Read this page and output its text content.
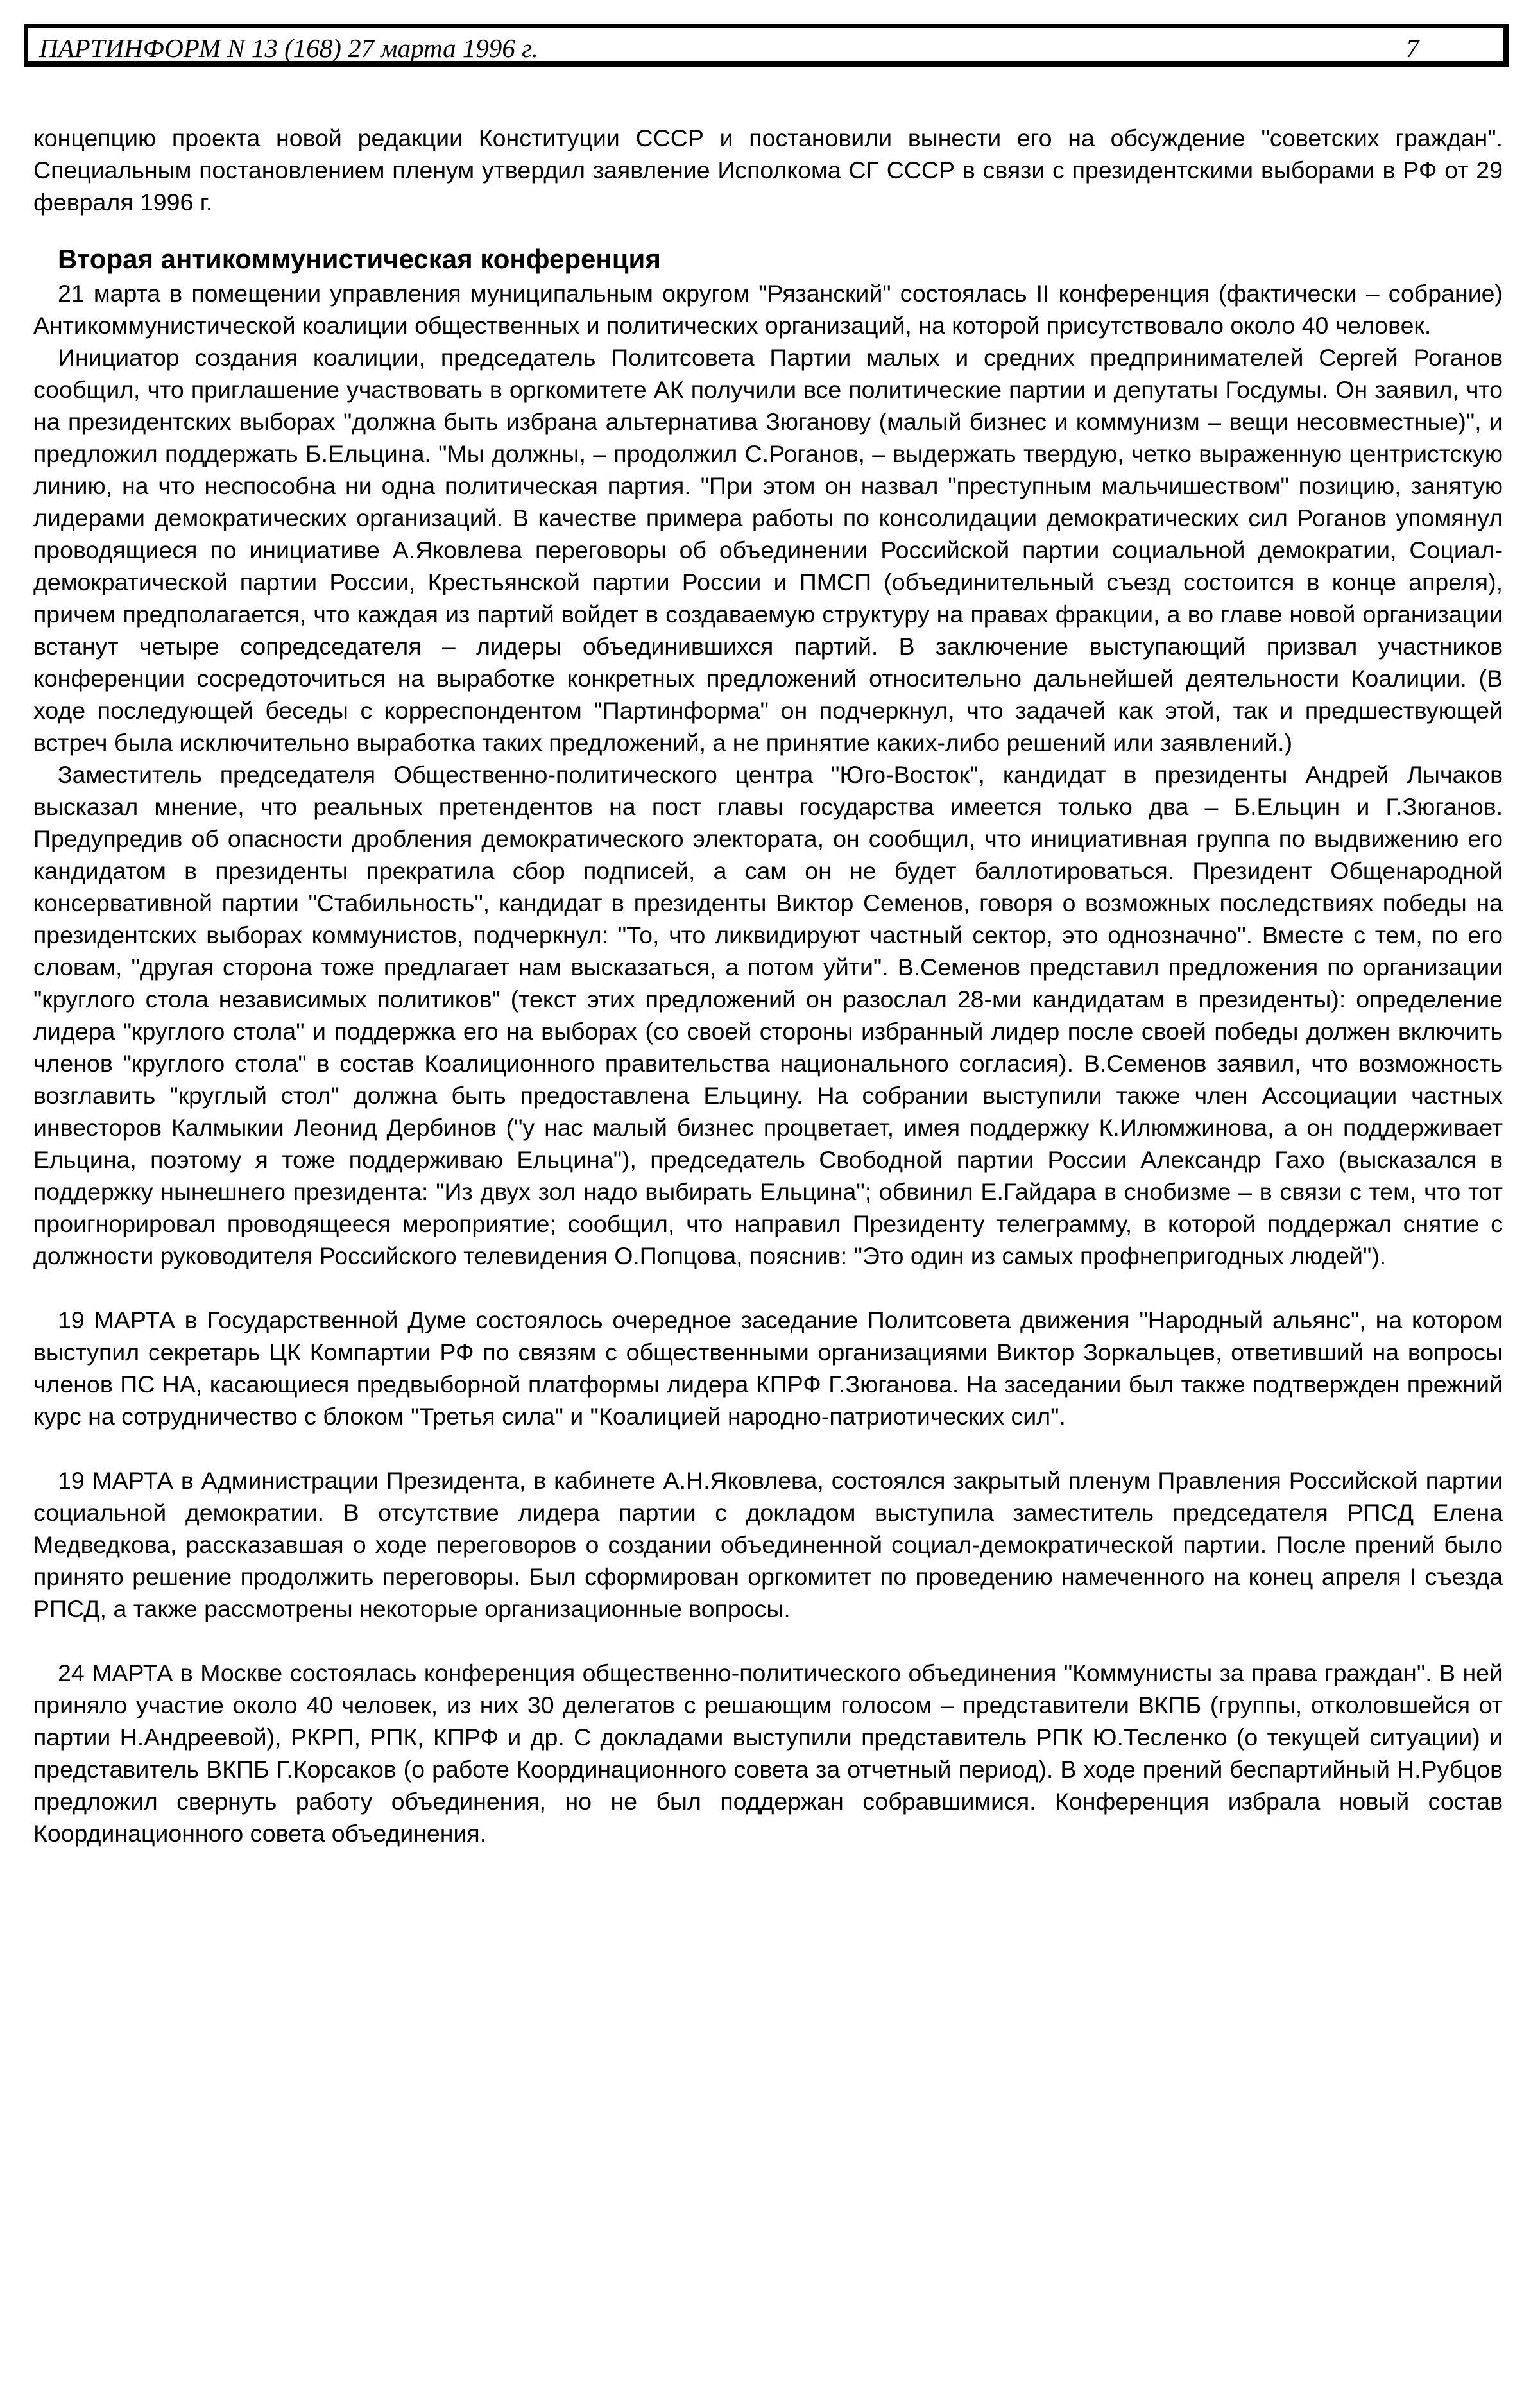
ПАРТИНФОРМ N 13 (168) 27 марта 1996 г.	7

концепцию проекта новой редакции Конституции СССР и постановили вынести его на обсуждение "советских граждан". Специальным постановлением пленум утвердил заявление Исполкома СГ СССР в связи с президентскими выборами в РФ от 29 февраля 1996 г.

Вторая антикоммунистическая конференция

21 марта в помещении управления муниципальным округом "Рязанский" состоялась II конференция (фактически – собрание) Антикоммунистической коалиции общественных и политических организаций, на которой присутствовало около 40 человек.

Инициатор создания коалиции, председатель Политсовета Партии малых и средних предпринимателей Сергей Роганов сообщил, что приглашение участвовать в оргкомитете АК получили все политические партии и депутаты Госдумы. Он заявил, что на президентских выборах "должна быть избрана альтернатива Зюганову (малый бизнес и коммунизм – вещи несовместные)", и предложил поддержать Б.Ельцина. "Мы должны, – продолжил С.Роганов, – выдержать твердую, четко выраженную центристскую линию, на что неспособна ни одна политическая партия. "При этом он назвал "преступным мальчишеством" позицию, занятую лидерами демократических организаций. В качестве примера работы по консолидации демократических сил Роганов упомянул проводящиеся по инициативе А.Яковлева переговоры об объединении Российской партии социальной демократии, Социал-демократической партии России, Крестьянской партии России и ПМСП (объединительный съезд состоится в конце апреля), причем предполагается, что каждая из партий войдет в создаваемую структуру на правах фракции, а во главе новой организации встанут четыре сопредседателя – лидеры объединившихся партий. В заключение выступающий призвал участников конференции сосредоточиться на выработке конкретных предложений относительно дальнейшей деятельности Коалиции. (В ходе последующей беседы с корреспондентом "Партинформа" он подчеркнул, что задачей как этой, так и предшествующей встреч была исключительно выработка таких предложений, а не принятие каких-либо решений или заявлений.)

Заместитель председателя Общественно-политического центра "Юго-Восток", кандидат в президенты Андрей Лычаков высказал мнение, что реальных претендентов на пост главы государства имеется только два – Б.Ельцин и Г.Зюганов. Предупредив об опасности дробления демократического электората, он сообщил, что инициативная группа по выдвижению его кандидатом в президенты прекратила сбор подписей, а сам он не будет баллотироваться. Президент Общенародной консервативной партии "Стабильность", кандидат в президенты Виктор Семенов, говоря о возможных последствиях победы на президентских выборах коммунистов, подчеркнул: "То, что ликвидируют частный сектор, это однозначно". Вместе с тем, по его словам, "другая сторона тоже предлагает нам высказаться, а потом уйти". В.Семенов представил предложения по организации "круглого стола независимых политиков" (текст этих предложений он разослал 28-ми кандидатам в президенты): определение лидера "круглого стола" и поддержка его на выборах (со своей стороны избранный лидер после своей победы должен включить членов "круглого стола" в состав Коалиционного правительства национального согласия). В.Семенов заявил, что возможность возглавить "круглый стол" должна быть предоставлена Ельцину. На собрании выступили также член Ассоциации частных инвесторов Калмыкии Леонид Дербинов ("у нас малый бизнес процветает, имея поддержку К.Илюмжинова, а он поддерживает Ельцина, поэтому я тоже поддерживаю Ельцина"), председатель Свободной партии России Александр Гахо (высказался в поддержку нынешнего президента: "Из двух зол надо выбирать Ельцина"; обвинил Е.Гайдара в снобизме – в связи с тем, что тот проигнорировал проводящееся мероприятие; сообщил, что направил Президенту телеграмму, в которой поддержал снятие с должности руководителя Российского телевидения О.Попцова, пояснив: "Это один из самых профнепригодных людей").

19 МАРТА в Государственной Думе состоялось очередное заседание Политсовета движения "Народный альянс", на котором выступил секретарь ЦК Компартии РФ по связям с общественными организациями Виктор Зоркальцев, ответивший на вопросы членов ПС НА, касающиеся предвыборной платформы лидера КПРФ Г.Зюганова. На заседании был также подтвержден прежний курс на сотрудничество с блоком "Третья сила" и "Коалицией народно-патриотических сил".

19 МАРТА в Администрации Президента, в кабинете А.Н.Яковлева, состоялся закрытый пленум Правления Российской партии социальной демократии. В отсутствие лидера партии с докладом выступила заместитель председателя РПСД Елена Медведкова, рассказавшая о ходе переговоров о создании объединенной социал-демократической партии. После прений было принято решение продолжить переговоры. Был сформирован оргкомитет по проведению намеченного на конец апреля I съезда РПСД, а также рассмотрены некоторые организационные вопросы.

24 МАРТА в Москве состоялась конференция общественно-политического объединения "Коммунисты за права граждан". В ней приняло участие около 40 человек, из них 30 делегатов с решающим голосом – представители ВКПБ (группы, отколовшейся от партии Н.Андреевой), РКРП, РПК, КПРФ и др. С докладами выступили представитель РПК Ю.Тесленко (о текущей ситуации) и представитель ВКПБ Г.Корсаков (о работе Координационного совета за отчетный период). В ходе прений беспартийный Н.Рубцов предложил свернуть работу объединения, но не был поддержан собравшимися. Конференция избрала новый состав Координационного совета объединения.
